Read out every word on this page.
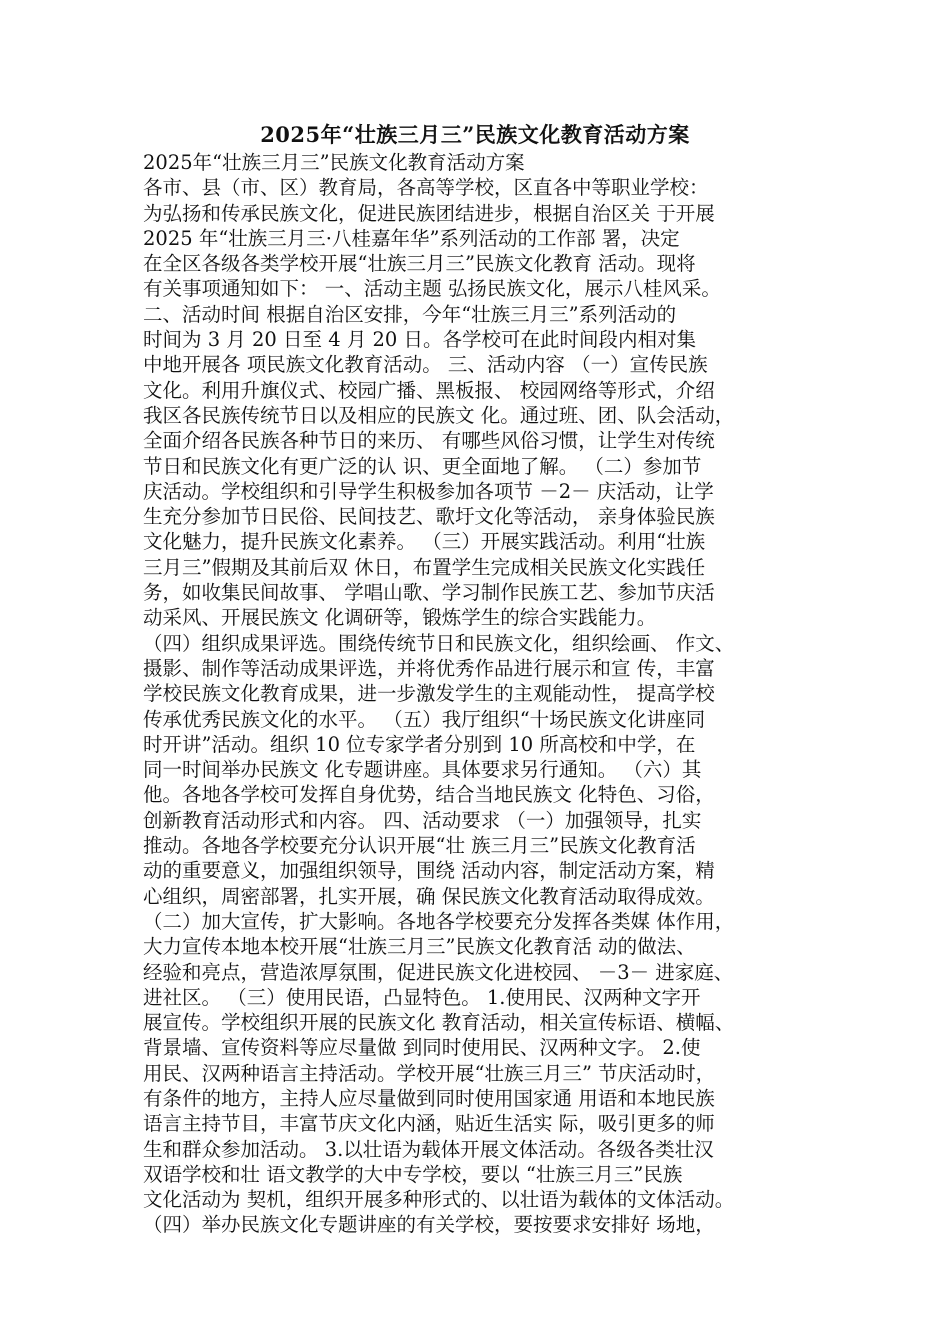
2025年“壮族三月三”民族文化教育活动方案
2025年“壮族三月三”民族文化教育活动方案
各市、县（市、区）教育局，各高等学校，区直各中等职业学校：
为弘扬和传承民族文化，促进民族团结进步，根据自治区关 于开展
2025 年“壮族三月三·八桂嘉年华”系列活动的工作部 署，决定
在全区各级各类学校开展“壮族三月三”民族文化教育 活动。现将
有关事项通知如下： 一、活动主题 弘扬民族文化，展示八桂风采。
二、活动时间 根据自治区安排，今年“壮族三月三”系列活动的
时间为 3 月 20 日至 4 月 20 日。各学校可在此时间段内相对集
中地开展各 项民族文化教育活动。 三、活动内容 （一）宣传民族
文化。利用升旗仪式、校园广播、黑板报、 校园网络等形式，介绍
我区各民族传统节日以及相应的民族文 化。通过班、团、队会活动，
全面介绍各民族各种节日的来历、 有哪些风俗习惯，让学生对传统
节日和民族文化有更广泛的认 识、更全面地了解。 （二）参加节
庆活动。学校组织和引导学生积极参加各项节 －2－ 庆活动，让学
生充分参加节日民俗、民间技艺、歌圩文化等活动， 亲身体验民族
文化魅力，提升民族文化素养。 （三）开展实践活动。利用“壮族
三月三”假期及其前后双 休日，布置学生完成相关民族文化实践任
务，如收集民间故事、 学唱山歌、学习制作民族工艺、参加节庆活
动采风、开展民族文 化调研等，锻炼学生的综合实践能力。
（四）组织成果评选。围绕传统节日和民族文化，组织绘画、 作文、
摄影、制作等活动成果评选，并将优秀作品进行展示和宣 传，丰富
学校民族文化教育成果，进一步激发学生的主观能动性， 提高学校
传承优秀民族文化的水平。 （五）我厅组织“十场民族文化讲座同
时开讲”活动。组织 10 位专家学者分别到 10 所高校和中学，在
同一时间举办民族文 化专题讲座。具体要求另行通知。 （六）其
他。各地各学校可发挥自身优势，结合当地民族文 化特色、习俗，
创新教育活动形式和内容。 四、活动要求 （一）加强领导，扎实
推动。各地各学校要充分认识开展“壮 族三月三”民族文化教育活
动的重要意义，加强组织领导，围绕 活动内容，制定活动方案，精
心组织，周密部署，扎实开展，确 保民族文化教育活动取得成效。
（二）加大宣传，扩大影响。各地各学校要充分发挥各类媒 体作用，
大力宣传本地本校开展“壮族三月三”民族文化教育活 动的做法、
经验和亮点，营造浓厚氛围，促进民族文化进校园、 －3－ 进家庭、
进社区。 （三）使用民语，凸显特色。 1.使用民、汉两种文字开
展宣传。学校组织开展的民族文化 教育活动，相关宣传标语、横幅、
背景墙、宣传资料等应尽量做 到同时使用民、汉两种文字。 2.使
用民、汉两种语言主持活动。学校开展“壮族三月三” 节庆活动时，
有条件的地方，主持人应尽量做到同时使用国家通 用语和本地民族
语言主持节目，丰富节庆文化内涵，贴近生活实 际，吸引更多的师
生和群众参加活动。 3.以壮语为载体开展文体活动。各级各类壮汉
双语学校和壮 语文教学的大中专学校，要以 “壮族三月三”民族
文化活动为 契机，组织开展多种形式的、以壮语为载体的文体活动。
（四）举办民族文化专题讲座的有关学校，要按要求安排好 场地，
